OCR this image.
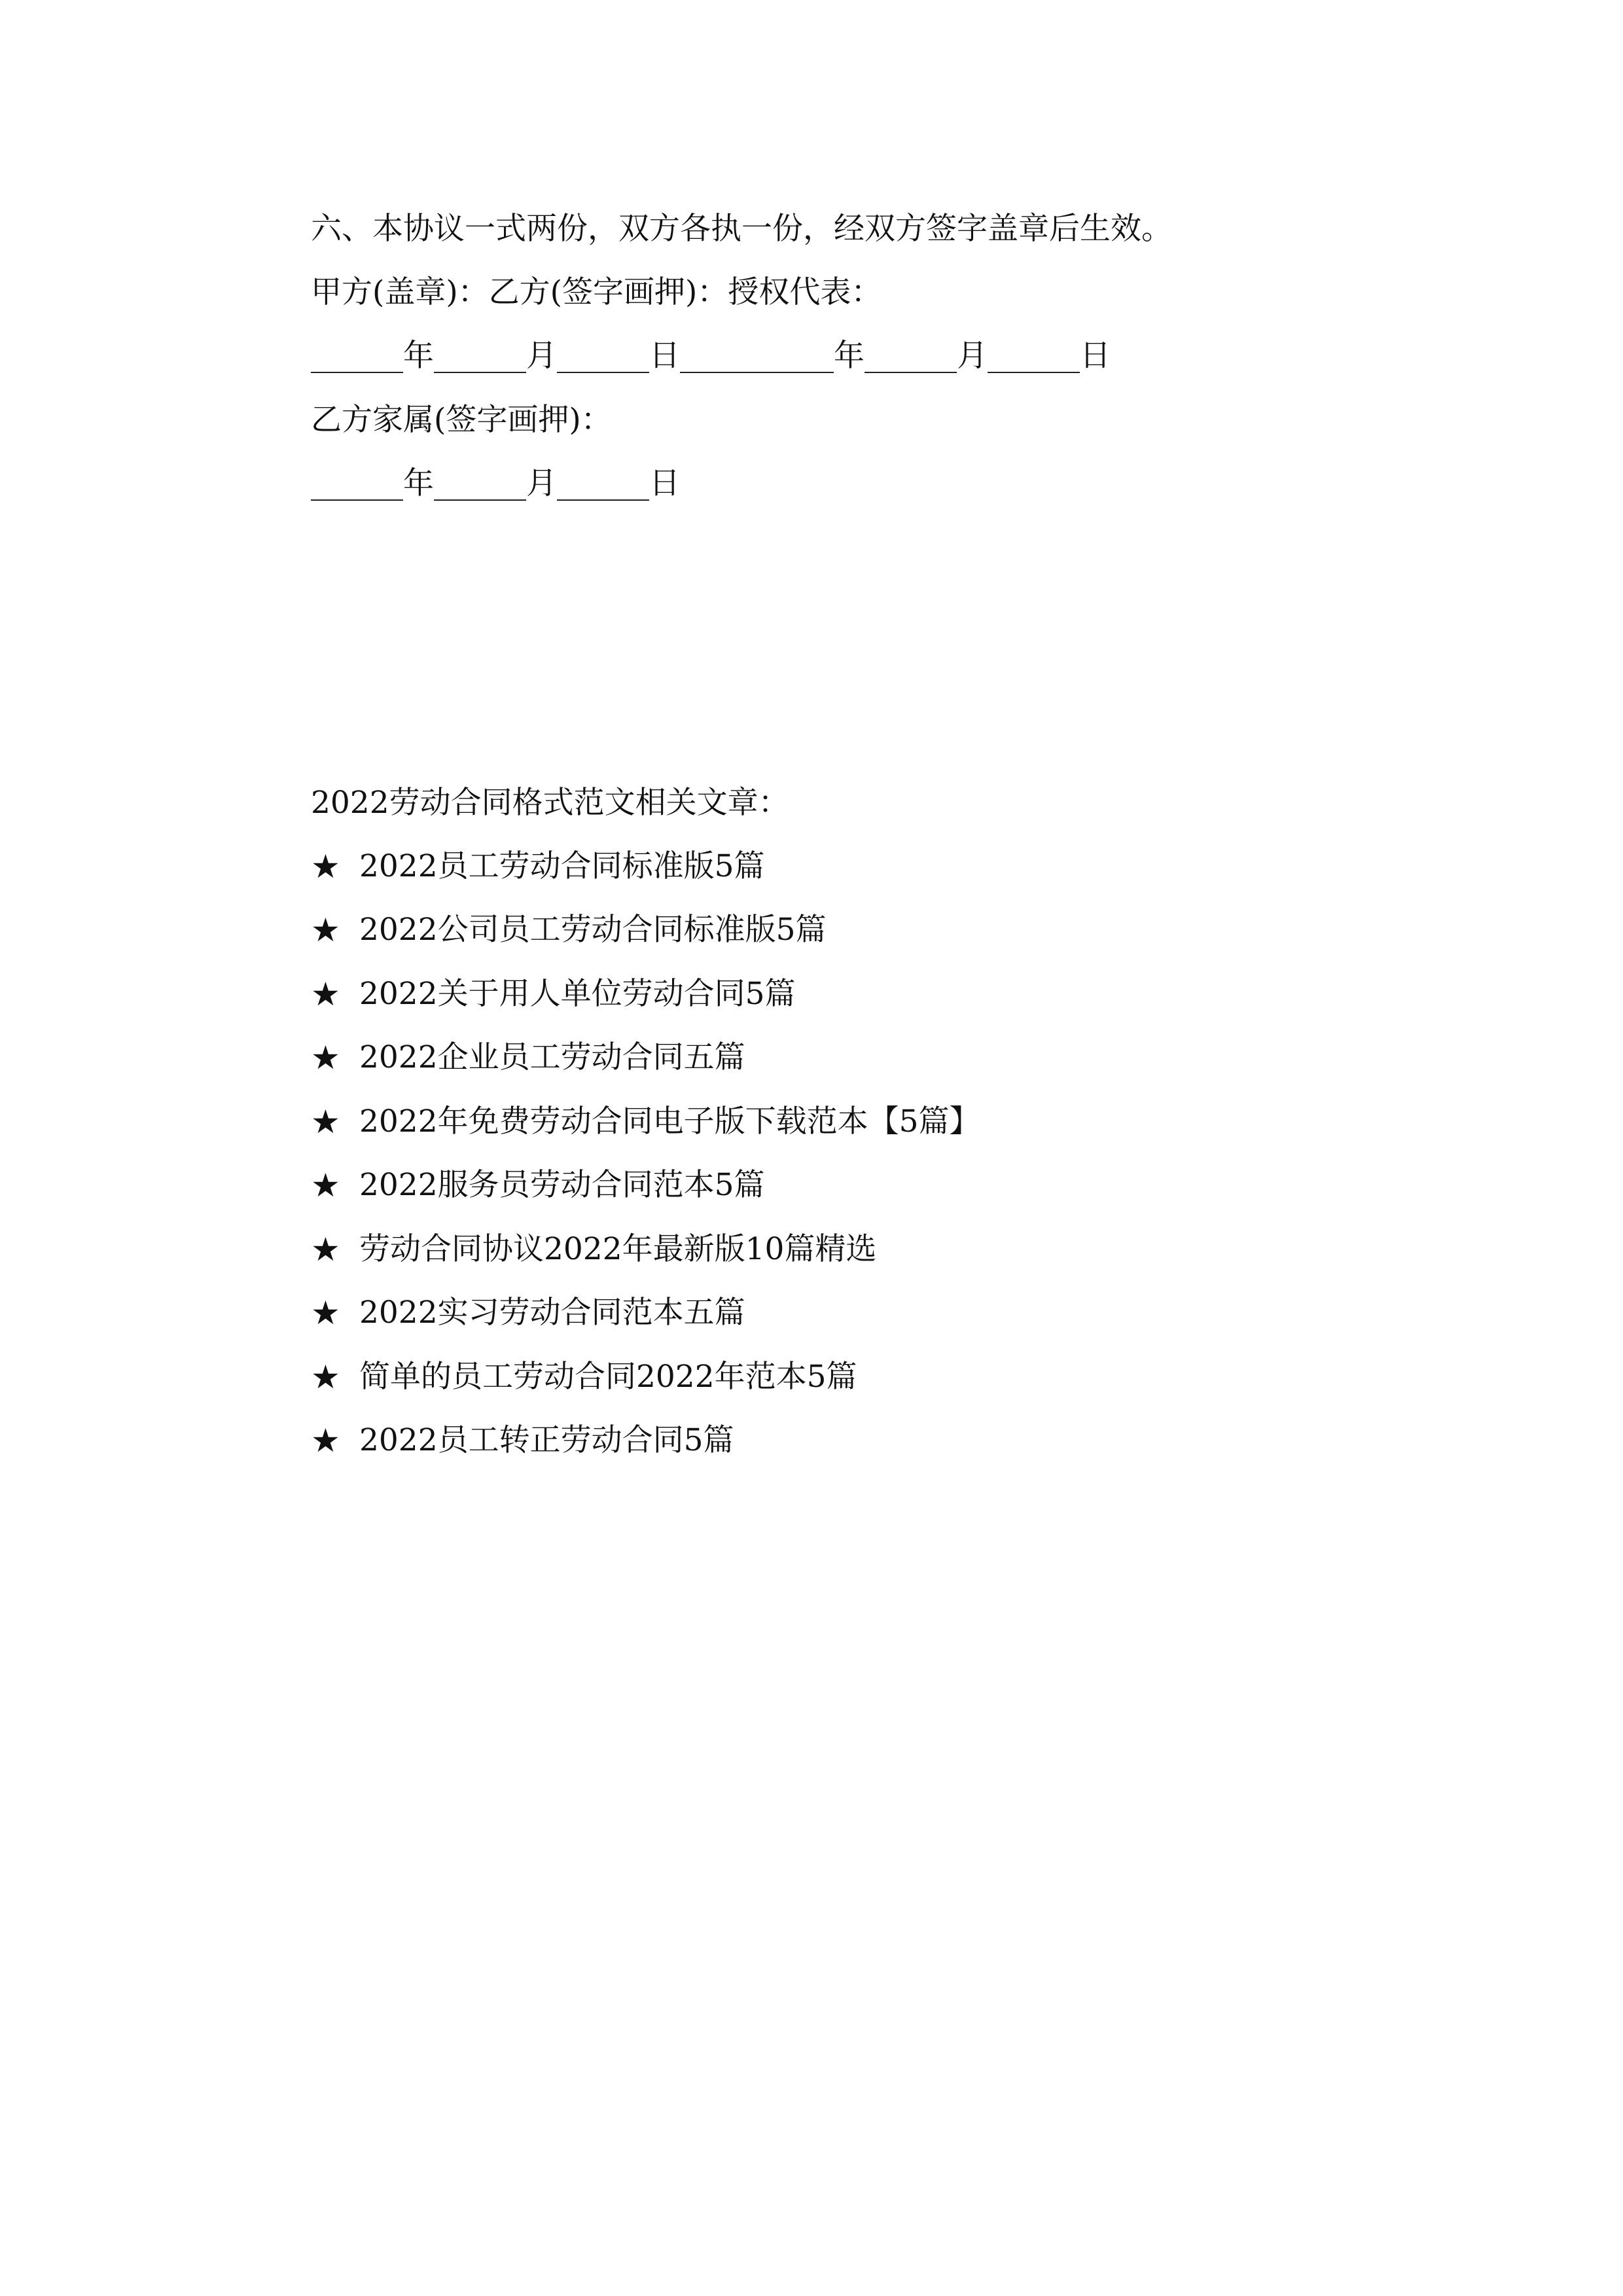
六、本协议一式两份，双方各执一份，经双方签字盖章后生效。
甲方(盖章)：乙方(签字画押)：授权代表：
______年______月______日__________年______月______日
乙方家属(签字画押)：
______年______月______日
2022劳动合同格式范文相关文章：
★ 2022员工劳动合同标准版5篇
★ 2022公司员工劳动合同标准版5篇
★ 2022关于用人单位劳动合同5篇
★ 2022企业员工劳动合同五篇
★ 2022年免费劳动合同电子版下载范本【5篇】
★ 2022服务员劳动合同范本5篇
★ 劳动合同协议2022年最新版10篇精选
★ 2022实习劳动合同范本五篇
★ 简单的员工劳动合同2022年范本5篇
★ 2022员工转正劳动合同5篇
